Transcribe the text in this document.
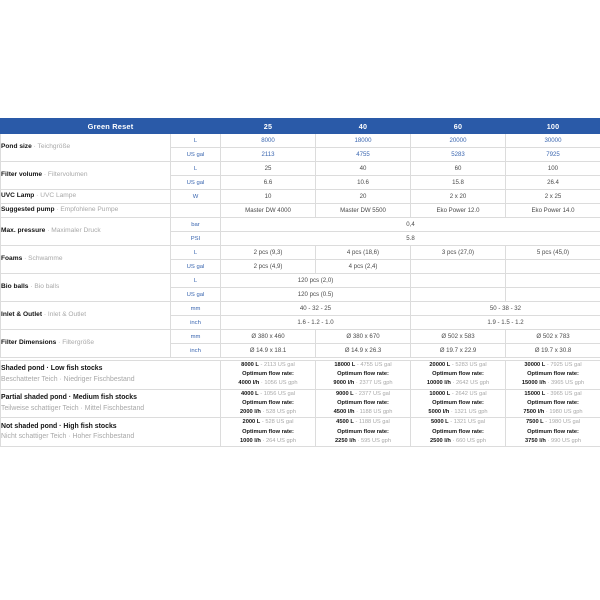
Green Reset		25	40	60	100
Pond size · Teichgröße	L	8000	18000	20000	30000
	US gal	2113	4755	5283	7925
Filter volume · Filtervolumen	L	25	40	60	100
	US gal	6.6	10.6	15.8	26.4
UVC Lamp · UVC Lampe	W	10	20	2 x 20	2 x 25
Suggested pump · Empfohlene Pumpe		Master DW 4000	Master DW 5500	Eko Power 12.0	Eko Power 14.0
Max. pressure · Maximaler Druck	bar	0,4			
	PSI	5.8			
Foams · Schwamme	L	2 pcs (9,3)	4 pcs (18,6)	3 pcs (27,0)	5 pcs (45,0)
	US gal	2 pcs (4,9)	4 pcs (2,4)		
Bio balls · Bio balls	L	120 pcs (2,0)			
	US gal	120 pcs (0.5)			
Inlet & Outlet · Inlet & Outlet	mm	40 - 32 - 25		50 - 38 - 32	
	inch	1.6 - 1.2 - 1.0		1.9 - 1.5 - 1.2	
Filter Dimensions · Filtergröße	mm	Ø 380 x 460	Ø 380 x 670	Ø 502 x 583	Ø 502 x 783
	inch	Ø 14.9 x 18.1	Ø 14.9 x 26.3	Ø 19.7 x 22.9	Ø 19.7 x 30.8

Shaded pond · Low fish stocks
Beschatteter Teich · Niedriger Fischbestand		8000 L - 2113 US gal
Optimum flow rate:
4000 l/h · 1056 US gph	18000 L - 4755 US gal
Optimum flow rate:
9000 l/h · 2377 US gph	20000 L - 5283 US gal
Optimum flow rate:
10000 l/h · 2642 US gph	30000 L - 7925 US gal
Optimum flow rate:
15000 l/h · 3965 US gph

Partial shaded pond · Medium fish stocks
Teilweise schattiger Teich · Mittel Fischbestand		4000 L - 1056 US gal
Optimum flow rate:
2000 l/h · 528 US gph	9000 L - 2377 US gal
Optimum flow rate:
4500 l/h · 1188 US gph	10000 L - 2642 US gal
Optimum flow rate:
5000 l/h · 1321 US gph	15000 L - 3965 US gal
Optimum flow rate:
7500 l/h · 1980 US gph

Not shaded pond · High fish stocks
Nicht schattiger Teich · Hoher Fischbestand		2000 L - 528 US gal
Optimum flow rate:
1000 l/h · 264 US gph	4500 L - 1188 US gal
Optimum flow rate:
2250 l/h · 595 US gph	5000 L - 1321 US gal
Optimum flow rate:
2500 l/h · 660 US gph	7500 L - 1980 US gal
Optimum flow rate:
3750 l/h · 990 US gph
